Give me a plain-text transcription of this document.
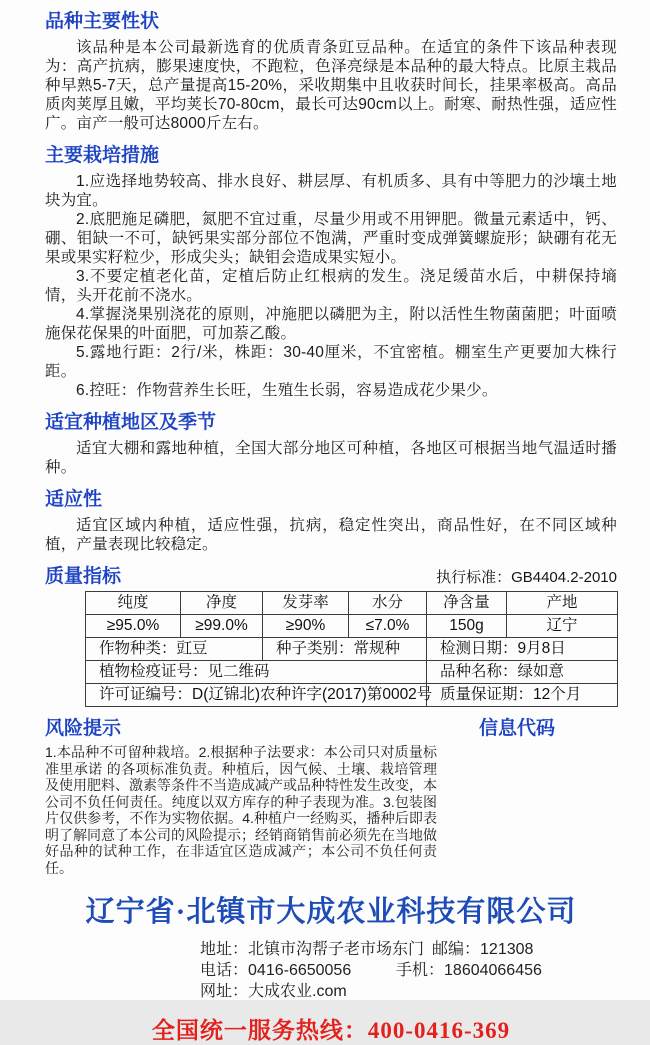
品种主要性状

该品种是本公司最新选育的优质青条豇豆品种。在适宜的条件下该品种表现为：高产抗病，膨果速度快，不跑粒，色泽亮绿是本品种的最大特点。比原主栽品种早熟5-7天，总产量提高15-20%，采收期集中且收获时间长，挂果率极高。高品质肉荚厚且嫩，平均荚长70-80cm，最长可达90cm以上。耐寒、耐热性强，适应性广。亩产一般可达8000斤左右。

主要栽培措施

1.应选择地势较高、排水良好、耕层厚、有机质多、具有中等肥力的沙壤土地块为宜。

2.底肥施足磷肥，氮肥不宜过重，尽量少用或不用钾肥。微量元素适中，钙、硼、钼缺一不可，缺钙果实部分部位不饱满，严重时变成弹簧螺旋形；缺硼有花无果或果实籽粒少，形成尖头；缺钼会造成果实短小。

3.不要定植老化苗，定植后防止红根病的发生。浇足缓苗水后，中耕保持墒情，头开花前不浇水。

4.掌握浇果别浇花的原则，冲施肥以磷肥为主，附以活性生物菌菌肥；叶面喷施保花保果的叶面肥，可加萘乙酸。

5.露地行距：2行/米，株距：30-40厘米，不宜密植。棚室生产更要加大株行距。

6.控旺：作物营养生长旺，生殖生长弱，容易造成花少果少。

适宜种植地区及季节

适宜大棚和露地种植，全国大部分地区可种植，各地区可根据当地气温适时播种。

适应性

适宜区域内种植，适应性强，抗病，稳定性突出，商品性好，在不同区域种植，产量表现比较稳定。

质量指标	执行标准：GB4404.2-2010
纯度	净度	发芽率	水分	净含量	产地
≥95.0%	≥99.0%	≥90%	≤7.0%	150g	辽宁
作物种类：豇豆		种子类别：常规种		检测日期：9月8日	
植物检疫证号：见二维码				品种名称：绿如意	
许可证编号：D(辽锦北)农种许字(2017)第0002号				质量保证期：12个月	
风险提示
1.本品种不可留种栽培。2.根据种子法要求：本公司只对质量标准里承诺 的各项标准负责。种植后，因气候、土壤、栽培管理及使用肥料、激素等条件不当造成减产或品种特性发生改变，本公司不负任何责任。纯度以双方库存的种子表现为准。3.包装图片仅供参考，不作为实物依据。4.种植户一经购买，播种后即表明了解同意了本公司的风险提示；经销商销售前必须先在当地做好品种的试种工作，在非适宜区造成减产；本公司不负任何责任。
信息代码
辽宁省·北镇市大成农业科技有限公司
地址： 北镇市沟帮子老市场东门 邮编： 121308
电话： 0416-6650056	手机： 18604066456
网址： 大成农业.com
全国统一服务热线：400-0416-369
